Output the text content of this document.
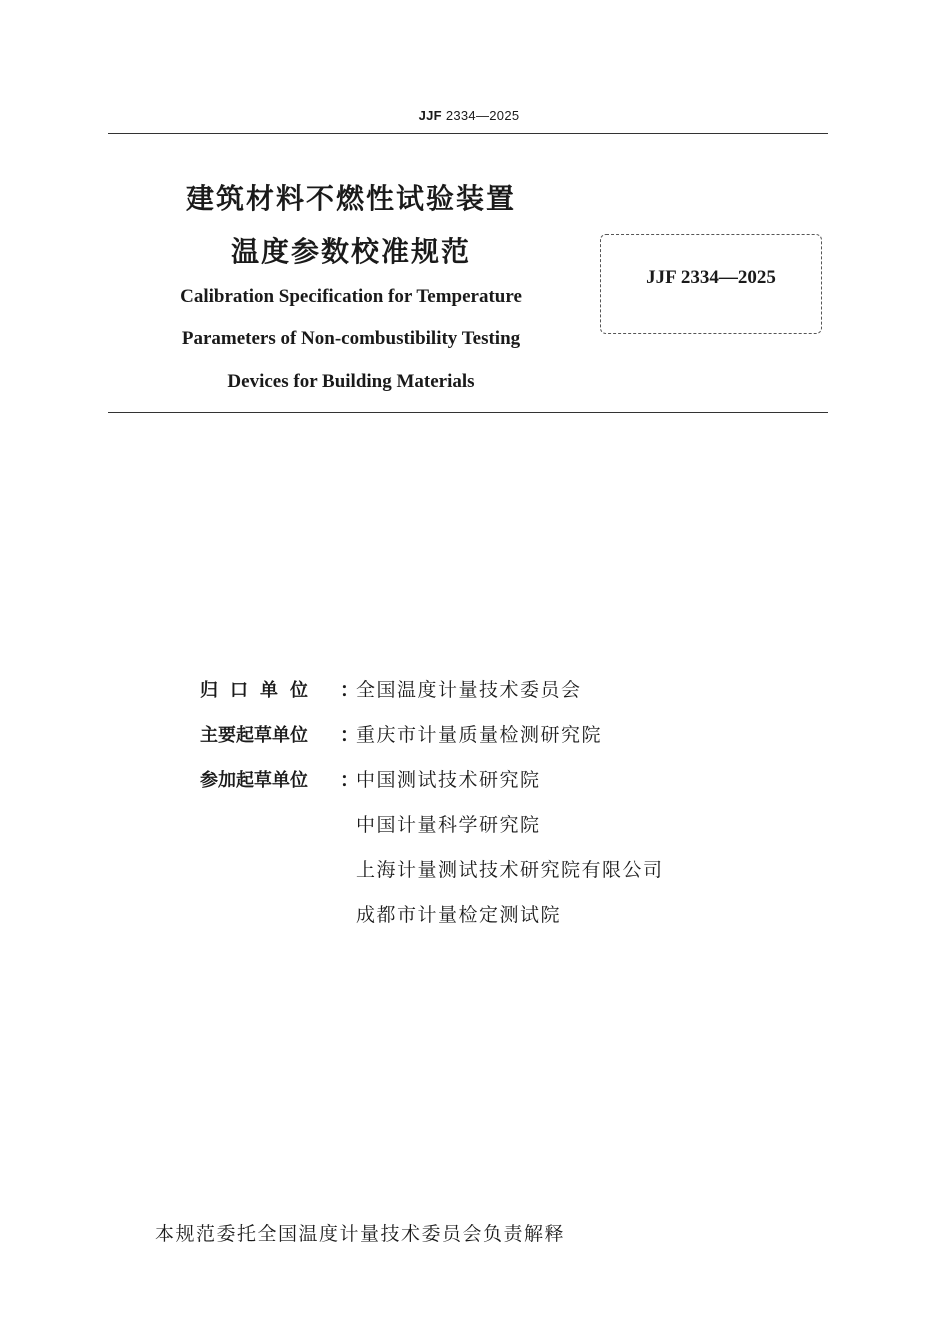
JJF 2334—2025
建筑材料不燃性试验装置
温度参数校准规范
Calibration Specification for Temperature
Parameters of Non-combustibility Testing
Devices for Building Materials
JJF 2334—2025
归口单位 ：全国温度计量技术委员会
主要起草单位 ：重庆市计量质量检测研究院
参加起草单位 ：中国测试技术研究院
中国计量科学研究院
上海计量测试技术研究院有限公司
成都市计量检定测试院
本规范委托全国温度计量技术委员会负责解释
